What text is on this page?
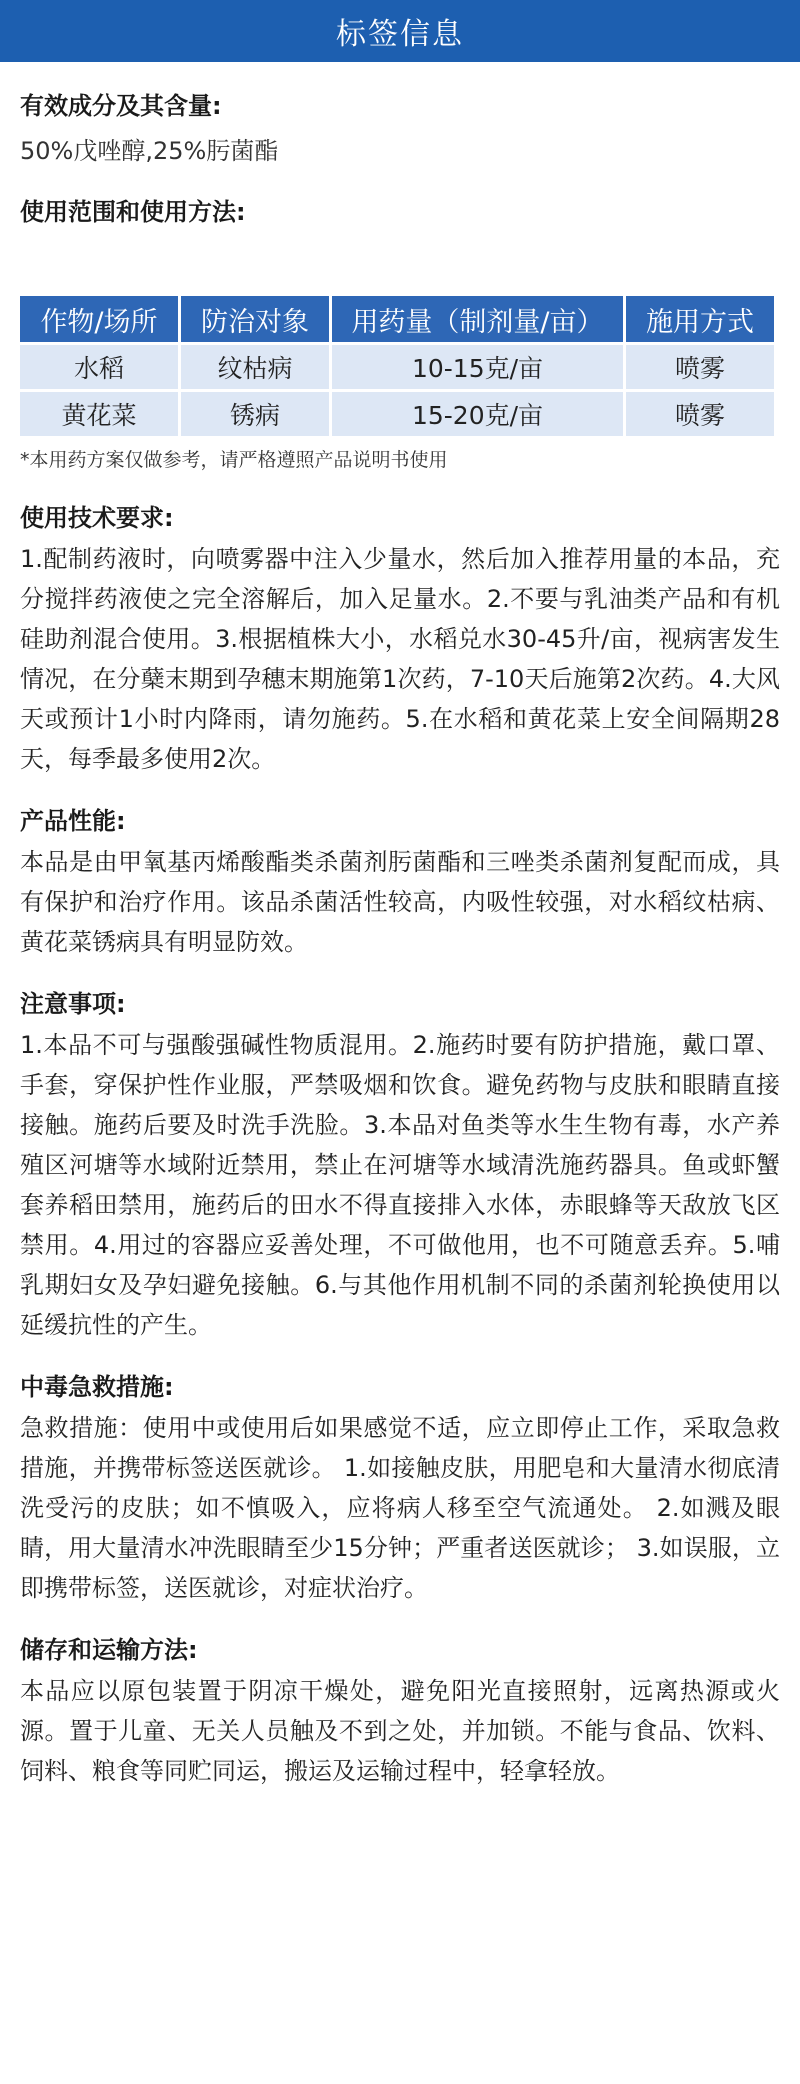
标签信息
有效成分及其含量:
50%戊唑醇,25%肟菌酯
使用范围和使用方法:
作物/场所	防治对象	用药量（制剂量/亩）	施用方式
水稻	纹枯病	10-15克/亩	喷雾
黄花菜	锈病	15-20克/亩	喷雾
*本用药方案仅做参考，请严格遵照产品说明书使用
使用技术要求:

1.配制药液时，向喷雾器中注入少量水，然后加入推荐用量的本品，充分搅拌药液使之完全溶解后，加入足量水。2.不要与乳油类产品和有机硅助剂混合使用。3.根据植株大小，水稻兑水30-45升/亩，视病害发生情况，在分蘖末期到孕穗末期施第1次药，7-10天后施第2次药。4.大风天或预计1小时内降雨，请勿施药。5.在水稻和黄花菜上安全间隔期28天，每季最多使用2次。

产品性能:

本品是由甲氧基丙烯酸酯类杀菌剂肟菌酯和三唑类杀菌剂复配而成，具有保护和治疗作用。该品杀菌活性较高，内吸性较强，对水稻纹枯病、黄花菜锈病具有明显防效。

注意事项:

1.本品不可与强酸强碱性物质混用。2.施药时要有防护措施，戴口罩、手套，穿保护性作业服，严禁吸烟和饮食。避免药物与皮肤和眼睛直接接触。施药后要及时洗手洗脸。3.本品对鱼类等水生生物有毒，水产养殖区河塘等水域附近禁用，禁止在河塘等水域清洗施药器具。鱼或虾蟹套养稻田禁用，施药后的田水不得直接排入水体，赤眼蜂等天敌放飞区禁用。4.用过的容器应妥善处理，不可做他用，也不可随意丢弃。5.哺乳期妇女及孕妇避免接触。6.与其他作用机制不同的杀菌剂轮换使用以延缓抗性的产生。

中毒急救措施:

急救措施：使用中或使用后如果感觉不适，应立即停止工作，采取急救措施，并携带标签送医就诊。 1.如接触皮肤，用肥皂和大量清水彻底清洗受污的皮肤；如不慎吸入，应将病人移至空气流通处。 2.如溅及眼睛，用大量清水冲洗眼睛至少15分钟；严重者送医就诊； 3.如误服，立即携带标签，送医就诊，对症状治疗。

储存和运输方法:

本品应以原包装置于阴凉干燥处，避免阳光直接照射，远离热源或火源。置于儿童、无关人员触及不到之处，并加锁。不能与食品、饮料、饲料、粮食等同贮同运，搬运及运输过程中，轻拿轻放。
